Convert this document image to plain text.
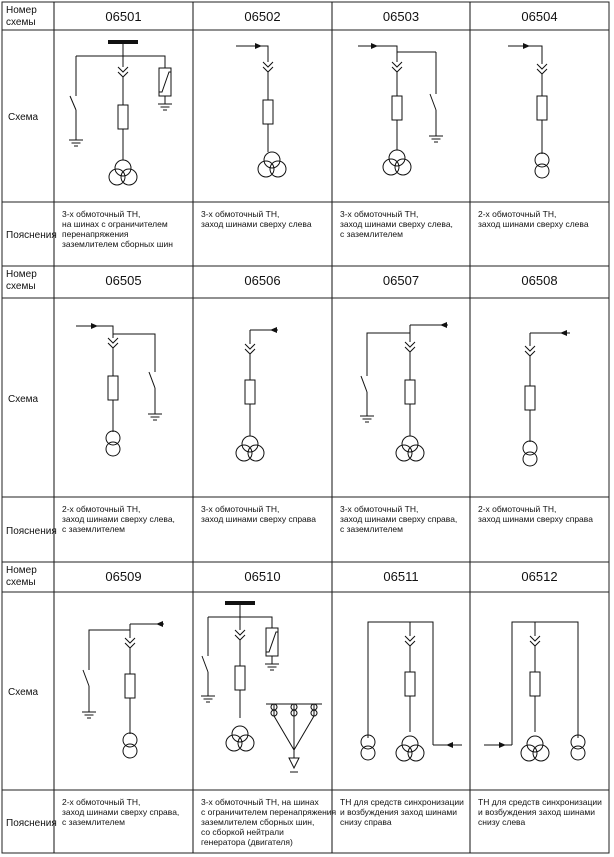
Номер
схемы
Схема
Пояснения
06501
3-х обмоточный ТН,
на шинах с ограничителем
перенапряжения
заземлителем сборных шин
06502
3-х обмоточный ТН,
заход шинами сверху слева
06503
3-х обмоточный ТН,
заход шинами сверху слева,
с заземлителем
06504
2-х обмоточный ТН,
заход шинами сверху слева
Номер
схемы
Схема
Пояснения
06505
2-х обмоточный ТН,
заход шинами сверху слева,
с заземлителем
06506
3-х обмоточный ТН,
заход шинами сверху справа
06507
3-х обмоточный ТН,
заход шинами сверху справа,
с заземлителем
06508
2-х обмоточный ТН,
заход шинами сверху справа
Номер
схемы
Схема
Пояснения
06509
2-х обмоточный ТН,
заход шинами сверху справа,
с заземлителем
06510
3-х обмоточный ТН, на шинах
с ограничителем перенапряжения
заземлителем сборных шин,
со сборкой нейтрали
генератора (двигателя)
06511
ТН для средств синхронизации
и возбуждения заход шинами
снизу справа
06512
ТН для средств синхронизации
и возбуждения заход шинами
снизу слева
